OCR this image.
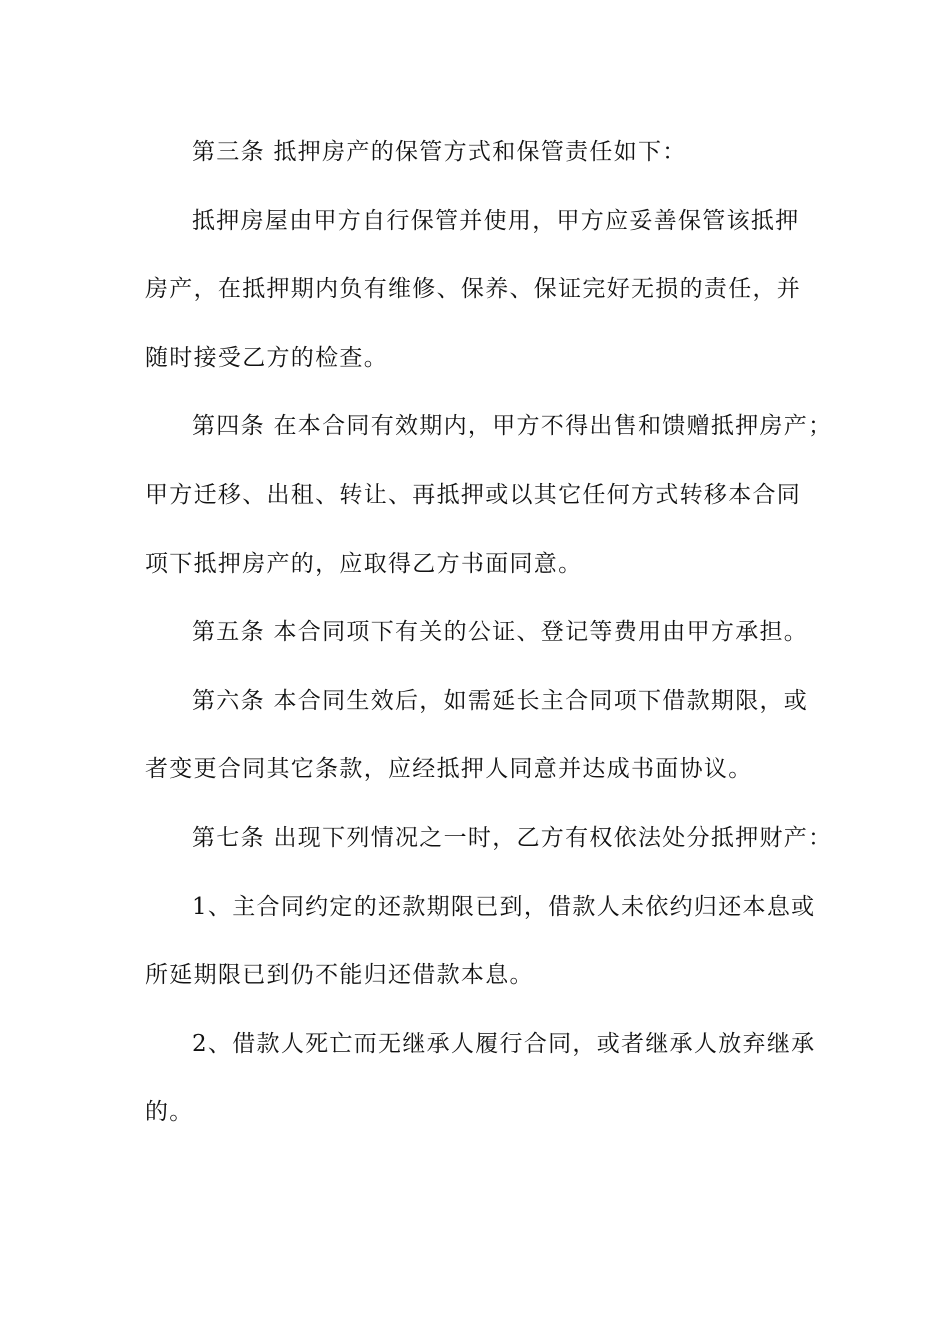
第三条 抵押房产的保管方式和保管责任如下：

抵押房屋由甲方自行保管并使用，甲方应妥善保管该抵押
房产，在抵押期内负有维修、保养、保证完好无损的责任，并
随时接受乙方的检查。

第四条 在本合同有效期内，甲方不得出售和馈赠抵押房产；
甲方迁移、出租、转让、再抵押或以其它任何方式转移本合同
项下抵押房产的，应取得乙方书面同意。

第五条 本合同项下有关的公证、登记等费用由甲方承担。

第六条 本合同生效后，如需延长主合同项下借款期限，或
者变更合同其它条款，应经抵押人同意并达成书面协议。

第七条 出现下列情况之一时，乙方有权依法处分抵押财产：

1、主合同约定的还款期限已到，借款人未依约归还本息或
所延期限已到仍不能归还借款本息。

2、借款人死亡而无继承人履行合同，或者继承人放弃继承
的。
